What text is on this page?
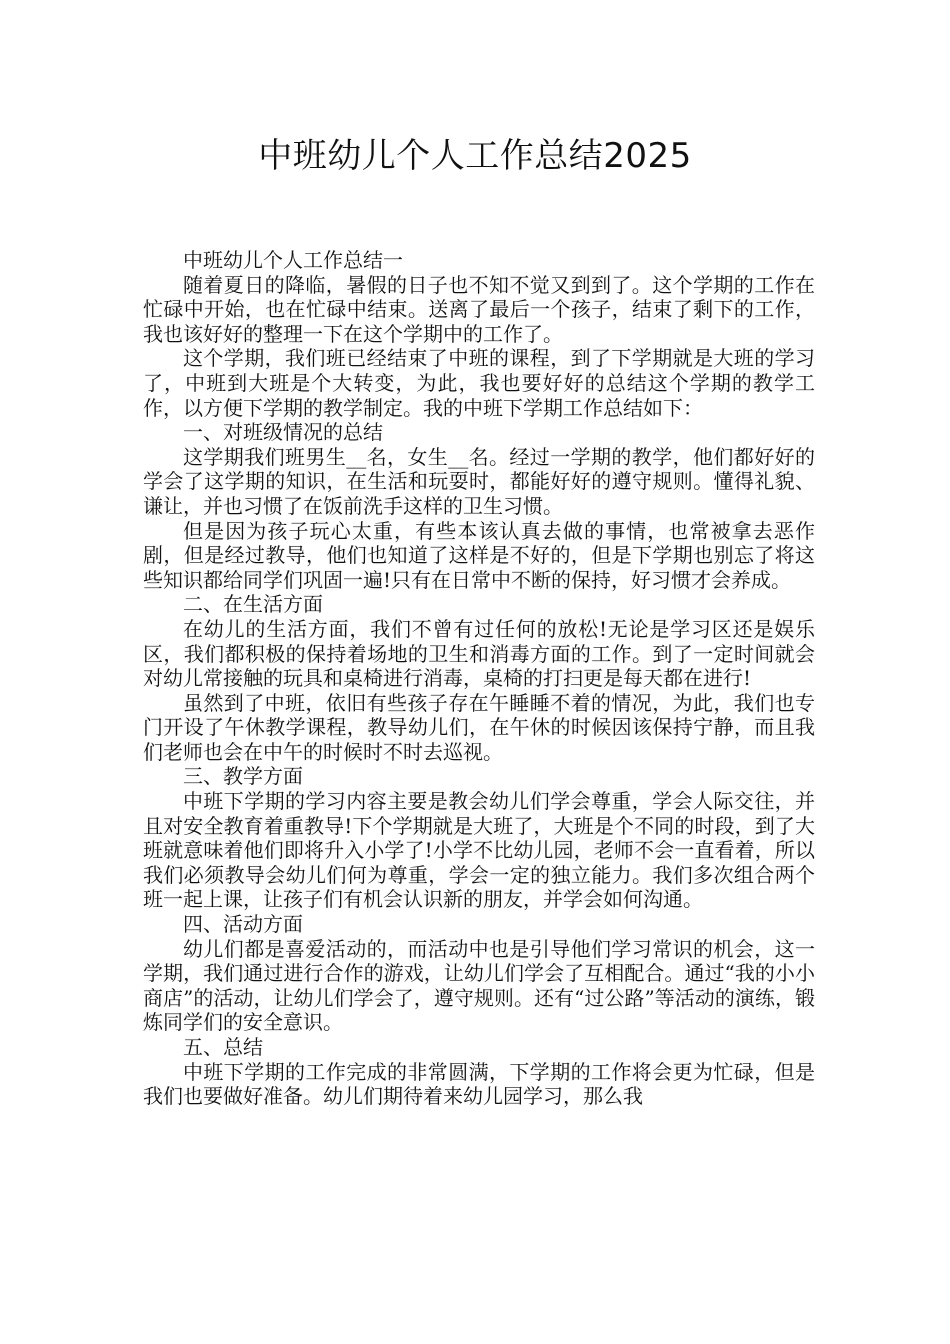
中班幼儿个人工作总结2025

中班幼儿个人工作总结一

随着夏日的降临，暑假的日子也不知不觉又到到了。这个学期的工作在忙碌中开始，也在忙碌中结束。送离了最后一个孩子，结束了剩下的工作，我也该好好的整理一下在这个学期中的工作了。

这个学期，我们班已经结束了中班的课程，到了下学期就是大班的学习了，中班到大班是个大转变，为此，我也要好好的总结这个学期的教学工作，以方便下学期的教学制定。我的中班下学期工作总结如下：

一、对班级情况的总结

这学期我们班男生__名，女生__名。经过一学期的教学，他们都好好的学会了这学期的知识，在生活和玩耍时，都能好好的遵守规则。懂得礼貌、谦让，并也习惯了在饭前洗手这样的卫生习惯。

但是因为孩子玩心太重，有些本该认真去做的事情，也常被拿去恶作剧，但是经过教导，他们也知道了这样是不好的，但是下学期也别忘了将这些知识都给同学们巩固一遍!只有在日常中不断的保持，好习惯才会养成。

二、在生活方面

在幼儿的生活方面，我们不曾有过任何的放松!无论是学习区还是娱乐区，我们都积极的保持着场地的卫生和消毒方面的工作。到了一定时间就会对幼儿常接触的玩具和桌椅进行消毒，桌椅的打扫更是每天都在进行!

虽然到了中班，依旧有些孩子存在午睡睡不着的情况，为此，我们也专门开设了午休教学课程，教导幼儿们，在午休的时候因该保持宁静，而且我们老师也会在中午的时候时不时去巡视。

三、教学方面

中班下学期的学习内容主要是教会幼儿们学会尊重，学会人际交往，并且对安全教育着重教导!下个学期就是大班了，大班是个不同的时段，到了大班就意味着他们即将升入小学了!小学不比幼儿园，老师不会一直看着，所以我们必须教导会幼儿们何为尊重，学会一定的独立能力。我们多次组合两个班一起上课，让孩子们有机会认识新的朋友，并学会如何沟通。

四、活动方面

幼儿们都是喜爱活动的，而活动中也是引导他们学习常识的机会，这一学期，我们通过进行合作的游戏，让幼儿们学会了互相配合。通过“我的小小商店”的活动，让幼儿们学会了，遵守规则。还有“过公路”等活动的演练，锻炼同学们的安全意识。

五、总结

中班下学期的工作完成的非常圆满，下学期的工作将会更为忙碌，但是我们也要做好准备。幼儿们期待着来幼儿园学习，那么我
